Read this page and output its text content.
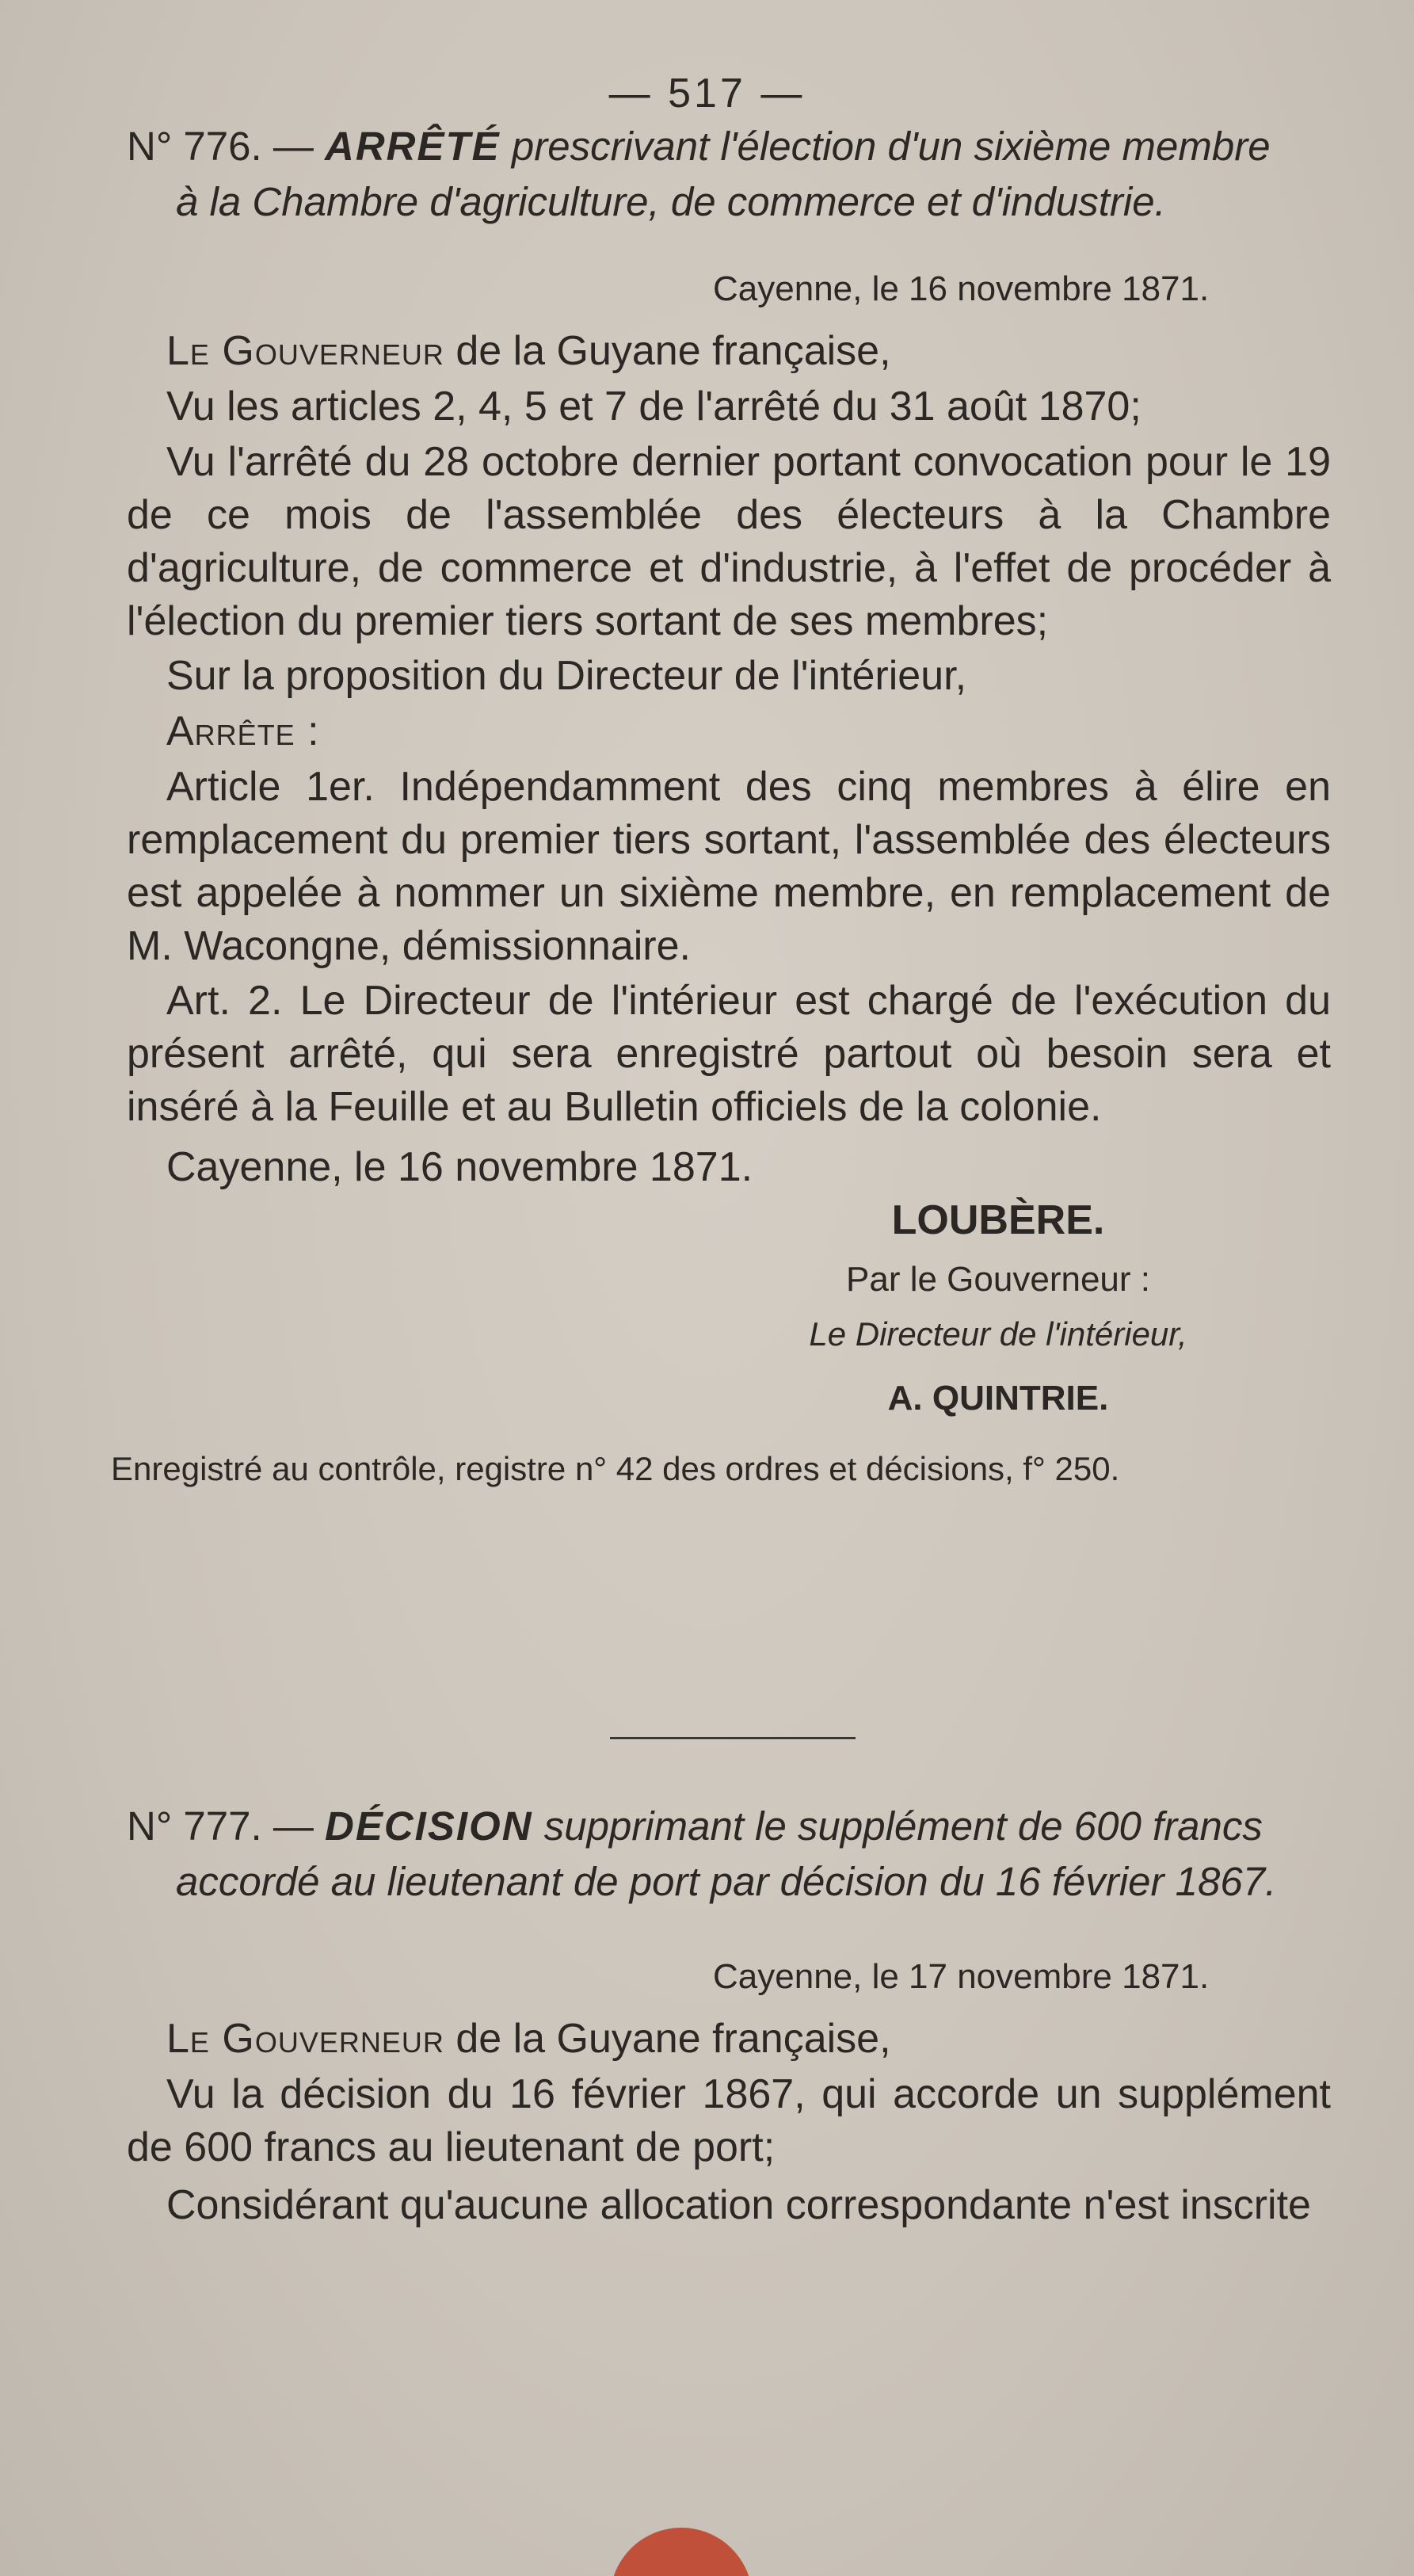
— 517 —
N° 776. — ARRÊTÉ prescrivant l'élection d'un sixième membre
à la Chambre d'agriculture, de commerce et d'industrie.
Cayenne, le 16 novembre 1871.
Le Gouverneur de la Guyane française,
Vu les articles 2, 4, 5 et 7 de l'arrêté du 31 août 1870;
Vu l'arrêté du 28 octobre dernier portant convocation pour le 19 de ce mois de l'assemblée des électeurs à la Chambre d'agriculture, de commerce et d'industrie, à l'effet de procéder à l'élection du premier tiers sortant de ses membres;
Sur la proposition du Directeur de l'intérieur,
Arrête :
Article 1er. Indépendamment des cinq membres à élire en remplacement du premier tiers sortant, l'assemblée des électeurs est appelée à nommer un sixième membre, en remplacement de M. Wacongne, démissionnaire.
Art. 2. Le Directeur de l'intérieur est chargé de l'exécution du présent arrêté, qui sera enregistré partout où besoin sera et inséré à la Feuille et au Bulletin officiels de la colonie.
Cayenne, le 16 novembre 1871.
LOUBÈRE.
Par le Gouverneur :
Le Directeur de l'intérieur,
A. QUINTRIE.
Enregistré au contrôle, registre n° 42 des ordres et décisions, f° 250.
N° 777. — DÉCISION supprimant le supplément de 600 francs
accordé au lieutenant de port par décision du 16 février 1867.
Cayenne, le 17 novembre 1871.
Le Gouverneur de la Guyane française,
Vu la décision du 16 février 1867, qui accorde un supplément de 600 francs au lieutenant de port;
Considérant qu'aucune allocation correspondante n'est inscrite
